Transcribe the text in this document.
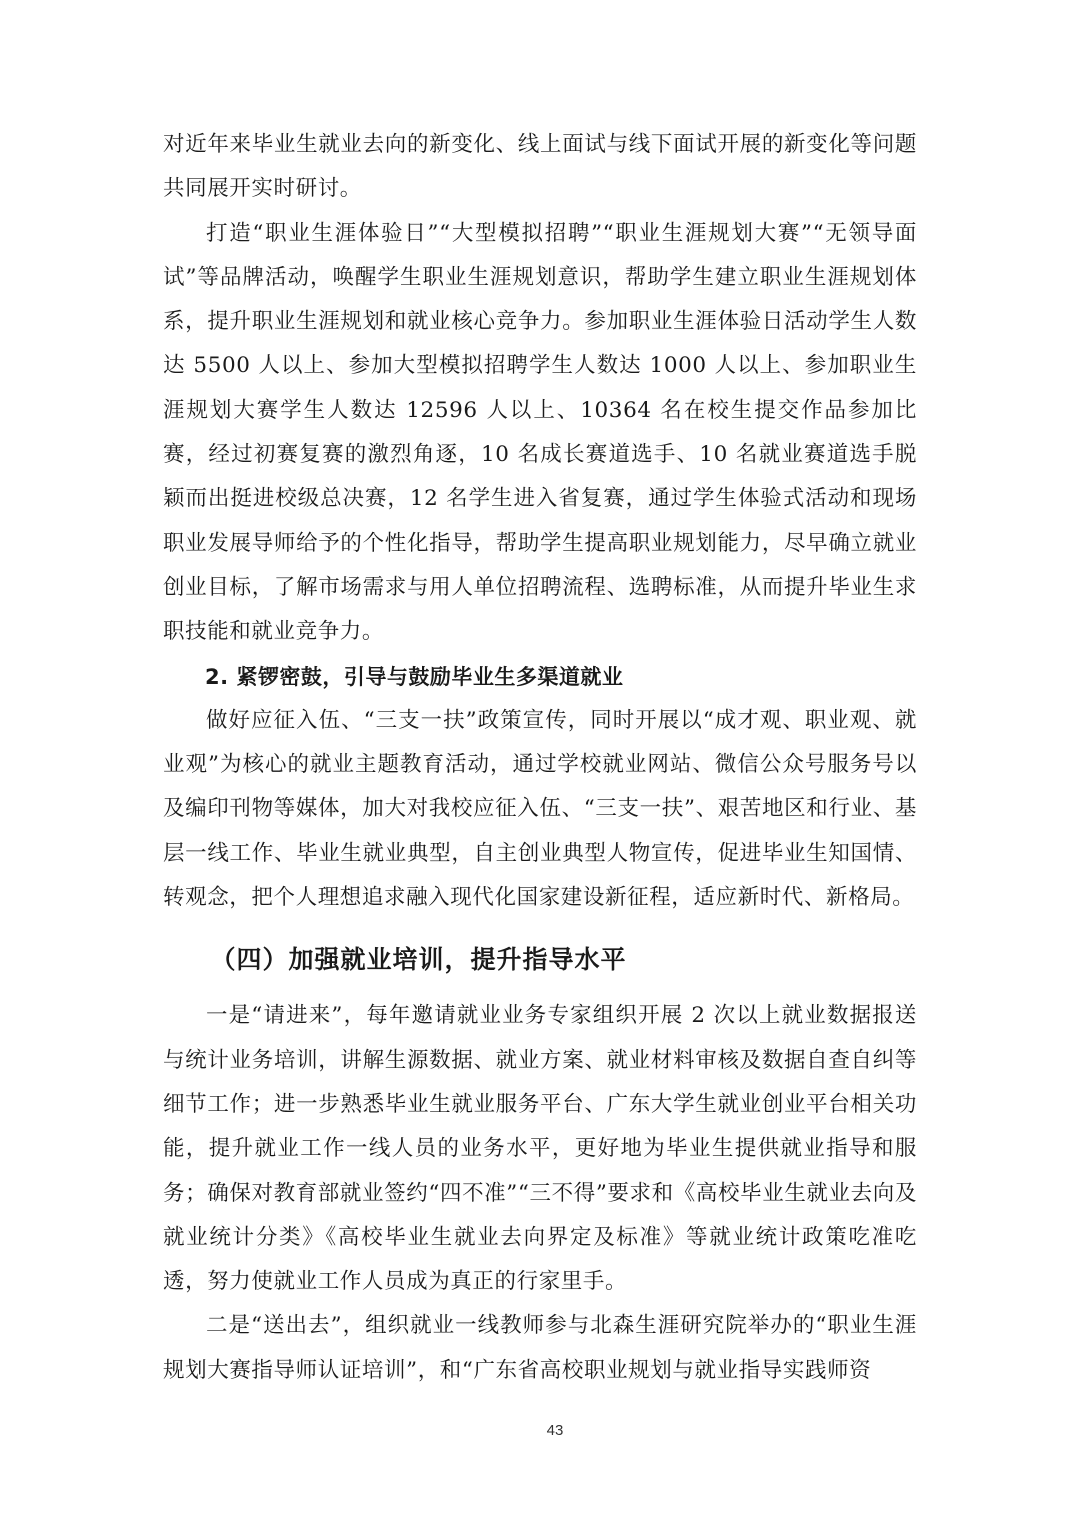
对近年来毕业生就业去向的新变化、线上面试与线下面试开展的新变化等问题共同展开实时研讨。

打造“职业生涯体验日”“大型模拟招聘”“职业生涯规划大赛”“无领导面试”等品牌活动，唤醒学生职业生涯规划意识，帮助学生建立职业生涯规划体系，提升职业生涯规划和就业核心竞争力。参加职业生涯体验日活动学生人数达 5500 人以上、参加大型模拟招聘学生人数达 1000 人以上、参加职业生涯规划大赛学生人数达 12596 人以上、10364 名在校生提交作品参加比赛，经过初赛复赛的激烈角逐，10 名成长赛道选手、10 名就业赛道选手脱颖而出挺进校级总决赛，12 名学生进入省复赛，通过学生体验式活动和现场职业发展导师给予的个性化指导，帮助学生提高职业规划能力，尽早确立就业创业目标，了解市场需求与用人单位招聘流程、选聘标准，从而提升毕业生求职技能和就业竞争力。

2. 紧锣密鼓，引导与鼓励毕业生多渠道就业

做好应征入伍、“三支一扶”政策宣传，同时开展以“成才观、职业观、就业观”为核心的就业主题教育活动，通过学校就业网站、微信公众号服务号以及编印刊物等媒体，加大对我校应征入伍、“三支一扶”、艰苦地区和行业、基层一线工作、毕业生就业典型，自主创业典型人物宣传，促进毕业生知国情、转观念，把个人理想追求融入现代化国家建设新征程，适应新时代、新格局。

（四）加强就业培训，提升指导水平

一是“请进来”，每年邀请就业业务专家组织开展 2 次以上就业数据报送与统计业务培训，讲解生源数据、就业方案、就业材料审核及数据自查自纠等细节工作；进一步熟悉毕业生就业服务平台、广东大学生就业创业平台相关功能，提升就业工作一线人员的业务水平，更好地为毕业生提供就业指导和服务；确保对教育部就业签约“四不准”“三不得”要求和《高校毕业生就业去向及就业统计分类》《高校毕业生就业去向界定及标准》等就业统计政策吃准吃透，努力使就业工作人员成为真正的行家里手。

二是“送出去”，组织就业一线教师参与北森生涯研究院举办的“职业生涯规划大赛指导师认证培训”，和“广东省高校职业规划与就业指导实践师资

43
